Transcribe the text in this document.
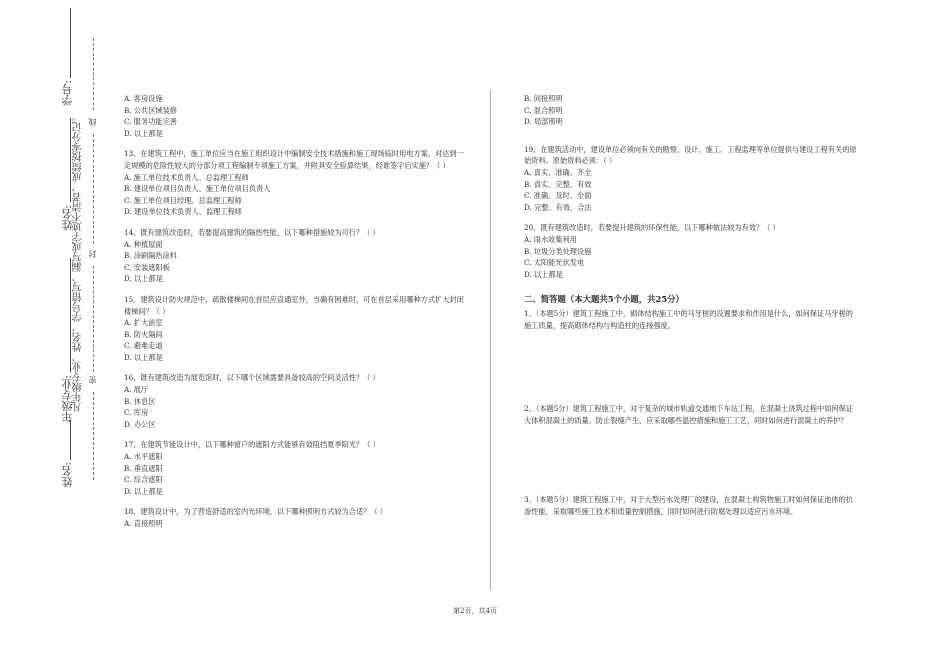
学号:
姓名:
年级专业:
姓名:
凡年级专业、姓名、学号错写、漏写或字迹不清者，成绩按零分记。 线
封
密

A. 客房设施

B. 公共区域装修

C. 服务功能完善

D. 以上都是

13、在建筑工程中，施工单位应当在施工组织设计中编制安全技术措施和施工现场临时用电方案，对达到一定规模的危险性较大的分部分项工程编制专项施工方案，并附具安全验算结果，经谁签字后实施？（ ）

A. 施工单位技术负责人、总监理工程师

B. 建设单位项目负责人、施工单位项目负责人

C. 施工单位项目经理、总监理工程师

D. 建设单位技术负责人、监理工程师

14、既有建筑改造时，若要提高建筑的隔热性能，以下哪种措施较为可行？（ ）

A. 种植屋面

B. 涂刷隔热涂料

C. 安装遮阳板

D. 以上都是

15、建筑设计防火规范中，疏散楼梯间在首层应直通室外，当确有困难时，可在首层采用哪种方式扩大封闭楼梯间？（ ）

A. 扩大前室

B. 防火隔间

C. 避难走道

D. 以上都是

16、既有建筑改造为展览馆时，以下哪个区域需要具备较高的空间灵活性？（ ）

A. 展厅

B. 休息区

C. 库房

D. 办公区

17、在建筑节能设计中，以下哪种窗户的遮阳方式能够有效阻挡夏季阳光？（ ）

A. 水平遮阳

B. 垂直遮阳

C. 综合遮阳

D. 以上都是

18、建筑设计中，为了营造舒适的室内光环境，以下哪种照明方式较为合适？（ ）

A. 直接照明

B. 间接照明

C. 混合照明

D. 局部照明

19、在建筑活动中，建设单位必须向有关的勘察、设计、施工、工程监理等单位提供与建设工程有关的原始资料。原始资料必须：（ ）

A. 真实、准确、齐全

B. 真实、完整、有效

C. 准确、及时、全面

D. 完整、有效、合法

20、既有建筑改造时，若要提升建筑的环保性能，以下哪种做法较为有效？（ ）

A. 雨水收集利用

B. 垃圾分类处理设施

C. 太阳能光伏发电

D. 以上都是

二、简答题（本大题共5个小题，共25分）

1、（本题5分）建筑工程施工中，砌体结构施工中的马牙槎的设置要求和作用是什么，如何保证马牙槎的施工质量，提高砌体结构与构造柱的连接强度。

2、（本题5分）建筑工程施工中，对于复杂的城市轨道交通地下车站工程，在混凝土浇筑过程中如何保证大体积混凝土的质量，防止裂缝产生，应采取哪些温控措施和施工工艺，同时如何进行混凝土的养护？

3、（本题5分）建筑工程施工中，对于大型污水处理厂的建设，在混凝土构筑物施工时如何保证池体的抗渗性能，采取哪些施工技术和质量控制措施，同时如何进行防腐处理以适应污水环境。

第2页，共4页
